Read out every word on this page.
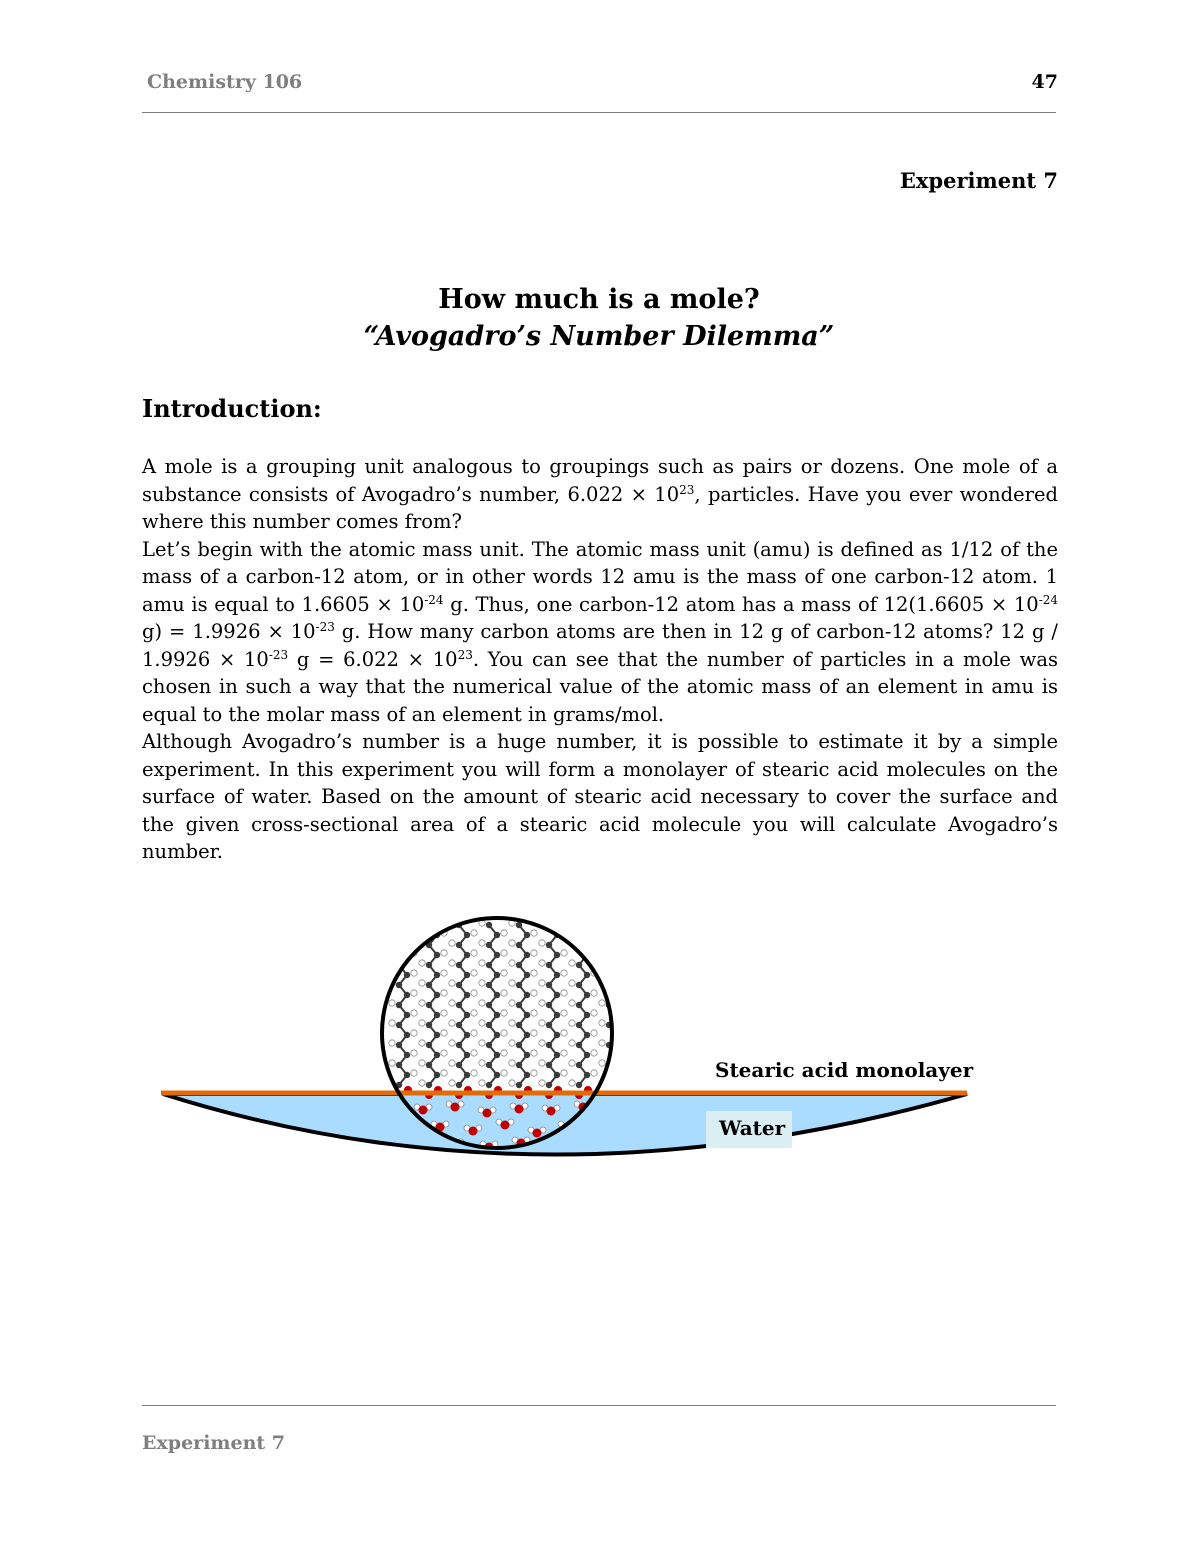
Chemistry 106	47
Experiment 7
How much is a mole?
“Avogadro’s Number Dilemma”
Introduction:

A mole is a grouping unit analogous to groupings such as pairs or dozens. One mole of a substance consists of Avogadro’s number, $6.022 \times 10^{23}$, particles. Have you ever wondered where this number comes from?

Let’s begin with the atomic mass unit. The atomic mass unit (amu) is defined as 1/12 of the mass of a carbon-12 atom, or in other words 12 amu is the mass of one carbon-12 atom. 1 amu is equal to $1.6605 \times 10^{-24}$ g. Thus, one carbon-12 atom has a mass of $12(1.6605 \times 10^{-24}$ $g) = 1.9926 \times 10^{-23}$ g. How many carbon atoms are then in 12 g of carbon-12 atoms? 12 $g / 1.9926 \times 10^{-23}$ $g = 6.022 \times 10^{23}$. You can see that the number of particles in a mole was chosen in such a way that the numerical value of the atomic mass of an element in amu is equal to the molar mass of an element in grams/mol.

Although Avogadro’s number is a huge number, it is possible to estimate it by a simple experiment. In this experiment you will form a monolayer of stearic acid molecules on the surface of water. Based on the amount of stearic acid necessary to cover the surface and the given cross-sectional area of a stearic acid molecule you will calculate Avogadro’s number.

Stearic acid monolayer
Water
Experiment 7
